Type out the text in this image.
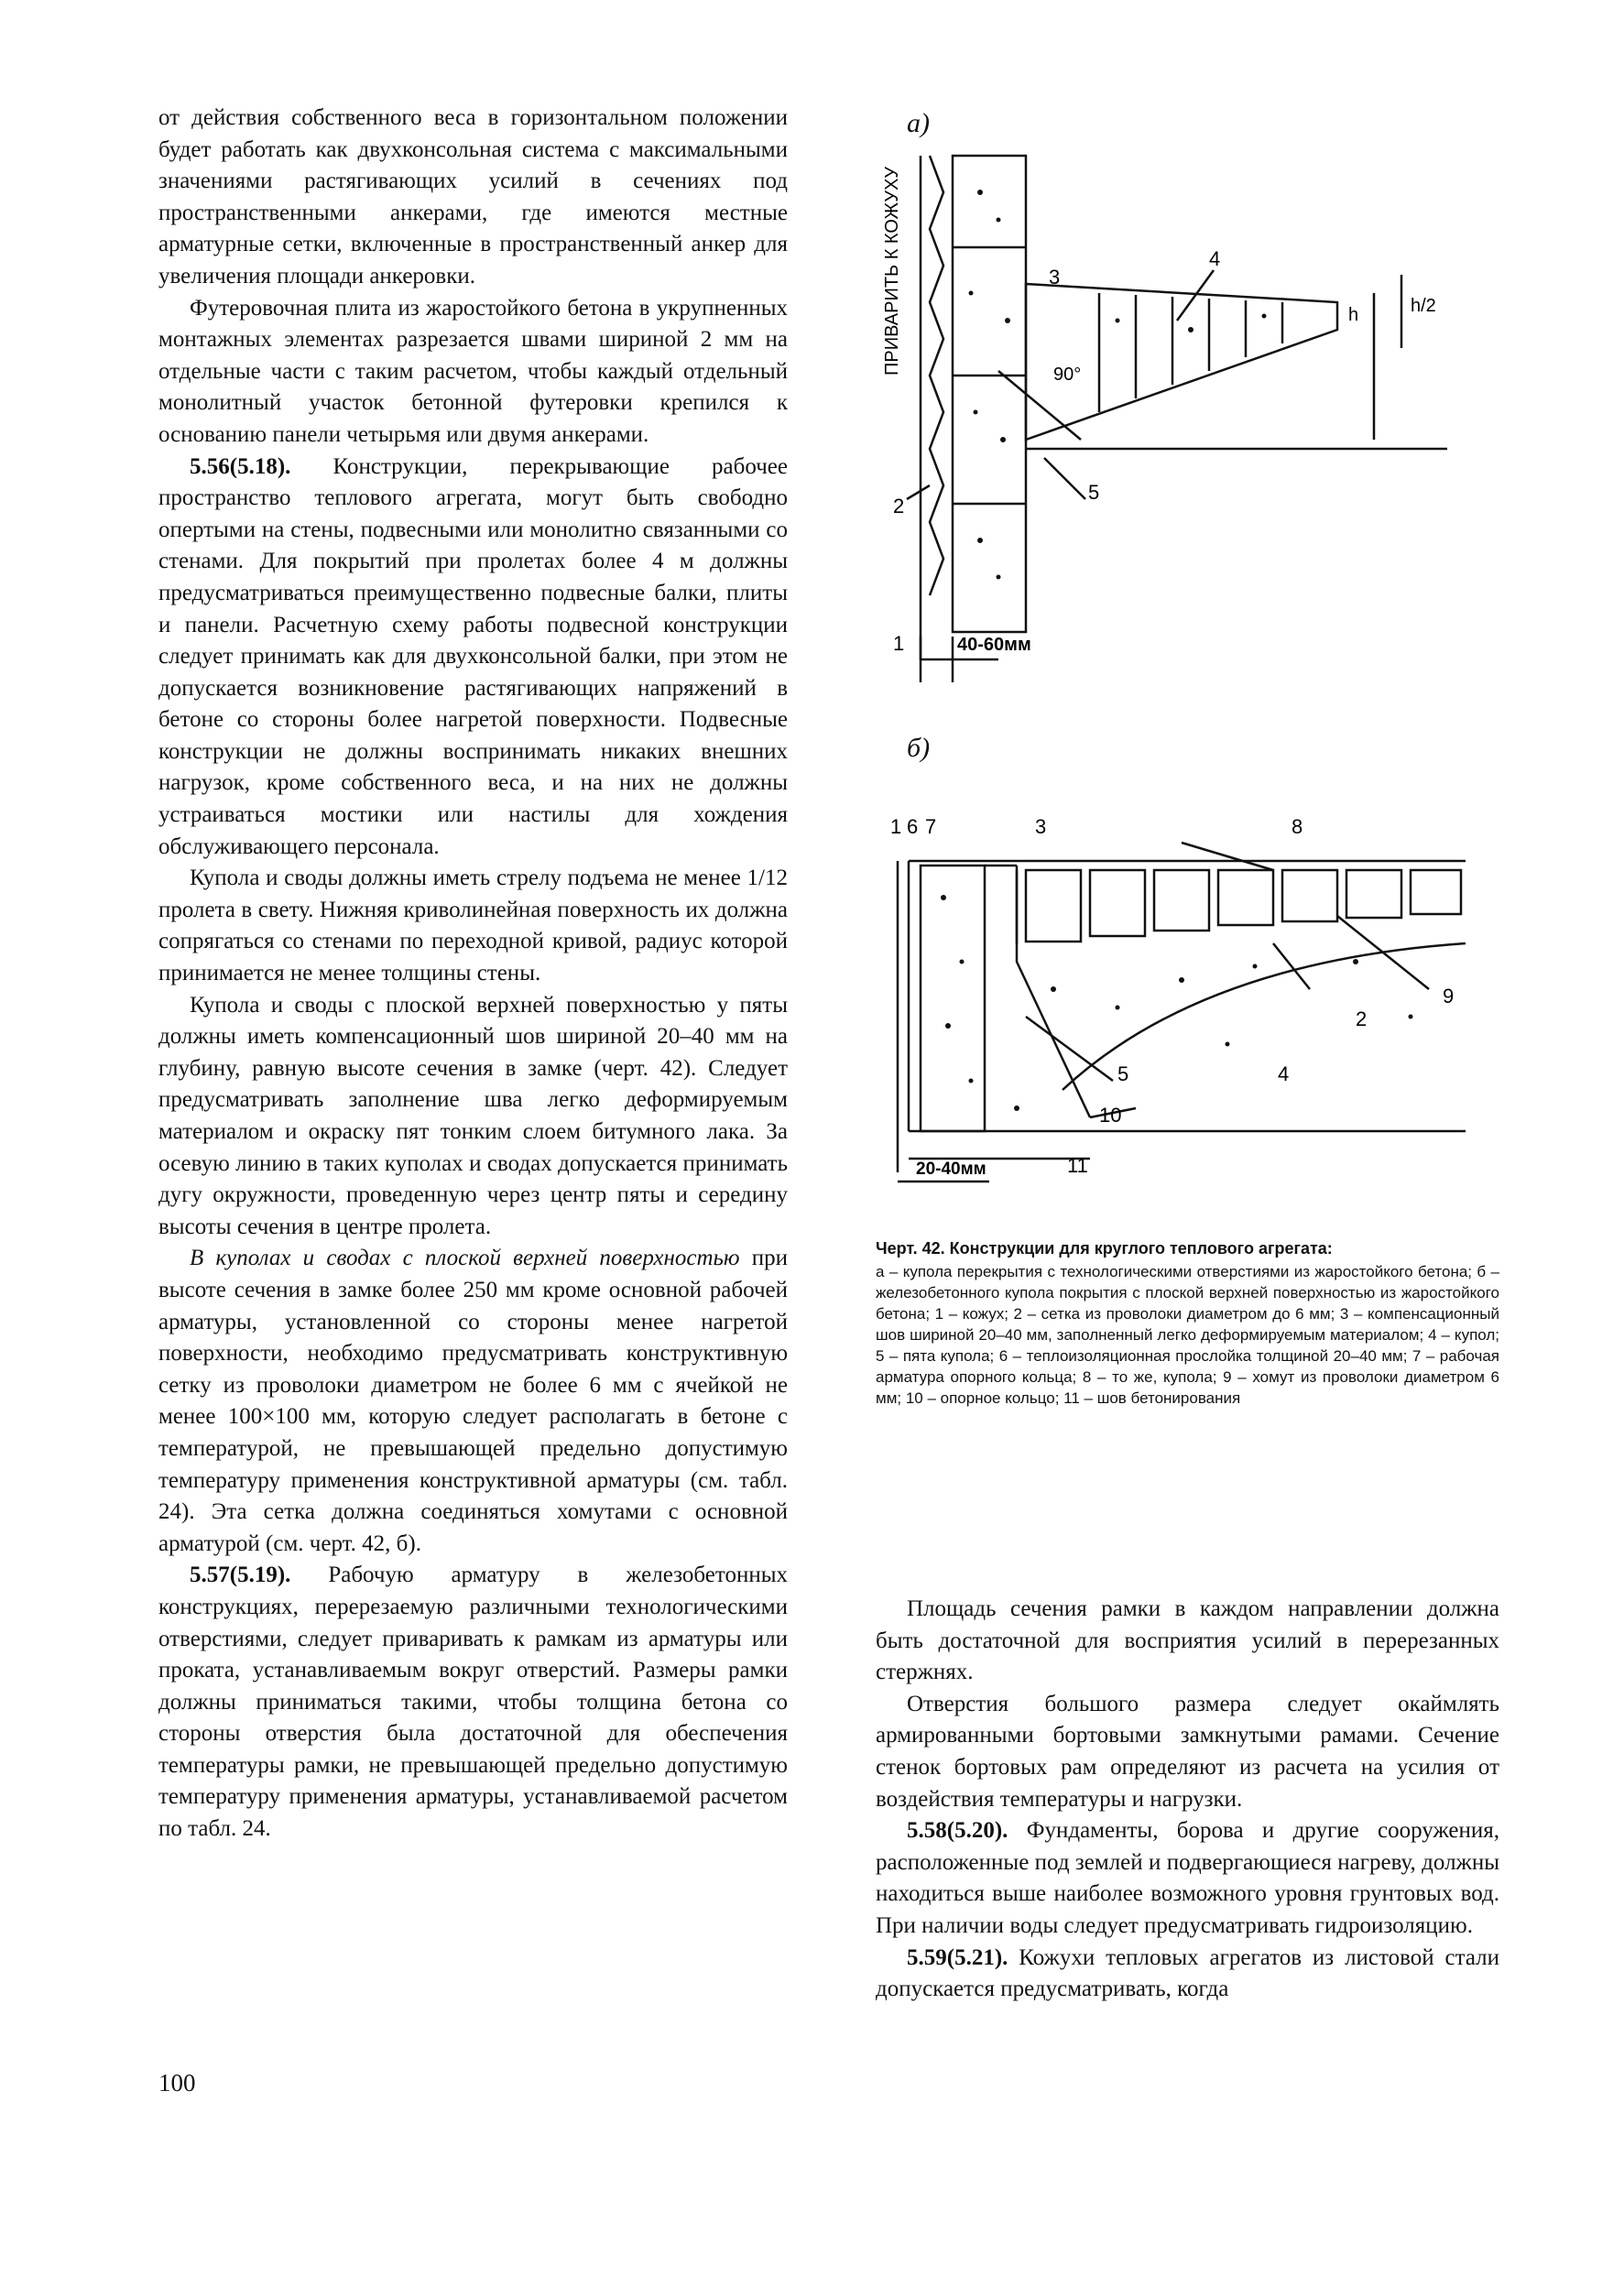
от действия собственного веса в горизонтальном положении будет работать как двухконсольная система с максимальными значениями растягивающих усилий в сечениях под пространственными анкерами, где имеются местные арматурные сетки, включенные в пространственный анкер для увеличения площади анкеровки.

Футеровочная плита из жаростойкого бетона в укрупненных монтажных элементах разрезается швами шириной 2 мм на отдельные части с таким расчетом, чтобы каждый отдельный монолитный участок бетонной футеровки крепился к основанию панели четырьмя или двумя анкерами.

5.56(5.18). Конструкции, перекрывающие рабочее пространство теплового агрегата, могут быть свободно опертыми на стены, подвесными или монолитно связанными со стенами. Для покрытий при пролетах более 4 м должны предусматриваться преимущественно подвесные балки, плиты и панели. Расчетную схему работы подвесной конструкции следует принимать как для двухконсольной балки, при этом не допускается возникновение растягивающих напряжений в бетоне со стороны более нагретой поверхности. Подвесные конструкции не должны воспринимать никаких внешних нагрузок, кроме собственного веса, и на них не должны устраиваться мостики или настилы для хождения обслуживающего персонала.

Купола и своды должны иметь стрелу подъема не менее 1/12 пролета в свету. Нижняя криволинейная поверхность их должна сопрягаться со стенами по переходной кривой, радиус которой принимается не менее толщины стены.

Купола и своды с плоской верхней поверхностью у пяты должны иметь компенсационный шов шириной 20–40 мм на глубину, равную высоте сечения в замке (черт. 42). Следует предусматривать заполнение шва легко деформируемым материалом и окраску пят тонким слоем битумного лака. За осевую линию в таких куполах и сводах допускается принимать дугу окружности, проведенную через центр пяты и середину высоты сечения в центре пролета.

В куполах и сводах с плоской верхней поверхностью при высоте сечения в замке более 250 мм кроме основной рабочей арматуры, установленной со стороны менее нагретой поверхности, необходимо предусматривать конструктивную сетку из проволоки диаметром не более 6 мм с ячейкой не менее 100×100 мм, которую следует располагать в бетоне с температурой, не превышающей предельно допустимую температуру применения конструктивной арматуры (см. табл. 24). Эта сетка должна соединяться хомутами с основной арматурой (см. черт. 42, б).

5.57(5.19). Рабочую арматуру в железобетонных конструкциях, перерезаемую различными технологическими отверстиями, следует приваривать к рамкам из арматуры или проката, устанавливаемым вокруг отверстий. Размеры рамки должны приниматься такими, чтобы толщина бетона со стороны отверстия была достаточной для обеспечения температуры рамки, не превышающей предельно допустимую температуру применения арматуры, устанавливаемой расчетом по табл. 24.

100
а)
б)
ПРИВАРИТЬ К КОЖУХУ
40-60мм
90°
h	h/2
1
2
3
4
5
1 6 7	3	8
2
9
4
5
10
11
20-40мм
Черт. 42. Конструкции для круглого теплового агрегата:
а – купола перекрытия с технологическими отверстиями из жаростойкого бетона; б – железобетонного купола покрытия с плоской верхней поверхностью из жаростойкого бетона; 1 – кожух; 2 – сетка из проволоки диаметром до 6 мм; 3 – компенсационный шов шириной 20–40 мм, заполненный легко деформируемым материалом; 4 – купол; 5 – пята купола; 6 – теплоизоляционная прослойка толщиной 20–40 мм; 7 – рабочая арматура опорного кольца; 8 – то же, купола; 9 – хомут из проволоки диаметром 6 мм; 10 – опорное кольцо; 11 – шов бетонирования

Площадь сечения рамки в каждом направлении должна быть достаточной для восприятия усилий в перерезанных стержнях.

Отверстия большого размера следует окаймлять армированными бортовыми замкнутыми рамами. Сечение стенок бортовых рам определяют из расчета на усилия от воздействия температуры и нагрузки.

5.58(5.20). Фундаменты, борова и другие сооружения, расположенные под землей и подвергающиеся нагреву, должны находиться выше наиболее возможного уровня грунтовых вод. При наличии воды следует предусматривать гидроизоляцию.

5.59(5.21). Кожухи тепловых агрегатов из листовой стали допускается предусматривать, когда
